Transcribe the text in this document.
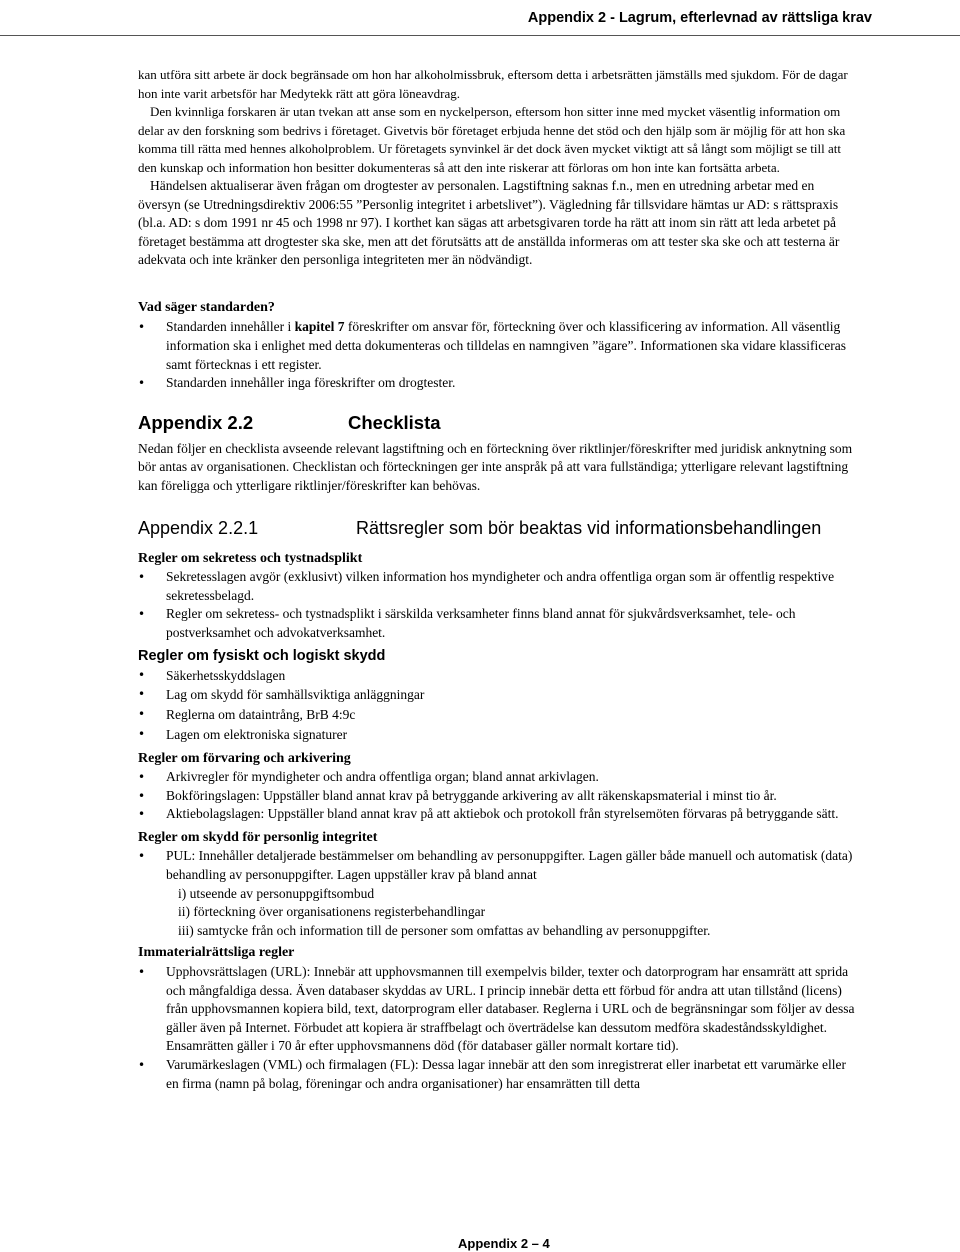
Appendix 2 - Lagrum, efterlevnad av rättsliga krav

kan utföra sitt arbete är dock begränsade om hon har alkoholmissbruk, eftersom detta i arbetsrätten jämställs med sjukdom. För de dagar hon inte varit arbetsför har Medytekk rätt att göra löneavdrag.

Den kvinnliga forskaren är utan tvekan att anse som en nyckelperson, eftersom hon sitter inne med mycket väsentlig information om delar av den forskning som bedrivs i företaget. Givetvis bör företaget erbjuda henne det stöd och den hjälp som är möjlig för att hon ska komma till rätta med hennes alkoholproblem. Ur företagets synvinkel är det dock även mycket viktigt att så långt som möjligt se till att den kunskap och information hon besitter dokumenteras så att den inte riskerar att förloras om hon inte kan fortsätta arbeta.

Händelsen aktualiserar även frågan om drogtester av personalen. Lagstiftning saknas f.n., men en utredning arbetar med en översyn (se Utredningsdirektiv 2006:55 ”Personlig integritet i arbetslivet”). Vägledning får tillsvidare hämtas ur AD: s rättspraxis (bl.a. AD: s dom 1991 nr 45 och 1998 nr 97). I korthet kan sägas att arbetsgivaren torde ha rätt att inom sin rätt att leda arbetet på företaget bestämma att drogtester ska ske, men att det förutsätts att de anställda informeras om att tester ska ske och att testerna är adekvata och inte kränker den personliga integriteten mer än nödvändigt.

Vad säger standarden?
• Standarden innehåller i kapitel 7 föreskrifter om ansvar för, förteckning över och klassificering av information. All väsentlig information ska i enlighet med detta dokumenteras och tilldelas en namngiven ”ägare”. Informationen ska vidare klassificeras samt förtecknas i ett register.
• Standarden innehåller inga föreskrifter om drogtester.
Appendix 2.2	Checklista

Nedan följer en checklista avseende relevant lagstiftning och en förteckning över riktlinjer/föreskrifter med juridisk anknytning som bör antas av organisationen. Checklistan och förteckningen ger inte anspråk på att vara fullständiga; ytterligare relevant lagstiftning kan föreligga och ytterligare riktlinjer/föreskrifter kan behövas.

Appendix 2.2.1	Rättsregler som bör beaktas vid informationsbehandlingen
Regler om sekretess och tystnadsplikt
• Sekretesslagen avgör (exklusivt) vilken information hos myndigheter och andra offentliga organ som är offentlig respektive sekretessbelagd.
• Regler om sekretess- och tystnadsplikt i särskilda verksamheter finns bland annat för sjukvårdsverksamhet, tele- och postverksamhet och advokatverksamhet.
Regler om fysiskt och logiskt skydd
• Säkerhetsskyddslagen
• Lag om skydd för samhällsviktiga anläggningar
• Reglerna om dataintrång, BrB 4:9c
• Lagen om elektroniska signaturer
Regler om förvaring och arkivering
• Arkivregler för myndigheter och andra offentliga organ; bland annat arkivlagen.
• Bokföringslagen: Uppställer bland annat krav på betryggande arkivering av allt räkenskapsmaterial i minst tio år.
• Aktiebolagslagen: Uppställer bland annat krav på att aktiebok och protokoll från styrelsemöten förvaras på betryggande sätt.
Regler om skydd för personlig integritet
• PUL: Innehåller detaljerade bestämmelser om behandling av personuppgifter. Lagen gäller både manuell och automatisk (data) behandling av personuppgifter. Lagen uppställer krav på bland annat
i) utseende av personuppgiftsombud
ii) förteckning över organisationens registerbehandlingar
iii) samtycke från och information till de personer som omfattas av behandling av personuppgifter.
Immaterialrättsliga regler
• Upphovsrättslagen (URL): Innebär att upphovsmannen till exempelvis bilder, texter och datorprogram har ensamrätt att sprida och mångfaldiga dessa. Även databaser skyddas av URL. I princip innebär detta ett förbud för andra att utan tillstånd (licens) från upphovsmannen kopiera bild, text, datorprogram eller databaser. Reglerna i URL och de begränsningar som följer av dessa gäller även på Internet. Förbudet att kopiera är straffbelagt och överträdelse kan dessutom medföra skadeståndsskyldighet. Ensamrätten gäller i 70 år efter upphovsmannens död (för databaser gäller normalt kortare tid).
• Varumärkeslagen (VML) och firmalagen (FL): Dessa lagar innebär att den som inregistrerat eller inarbetat ett varumärke eller en firma (namn på bolag, föreningar och andra organisationer) har ensamrätten till detta
Appendix 2 – 4
